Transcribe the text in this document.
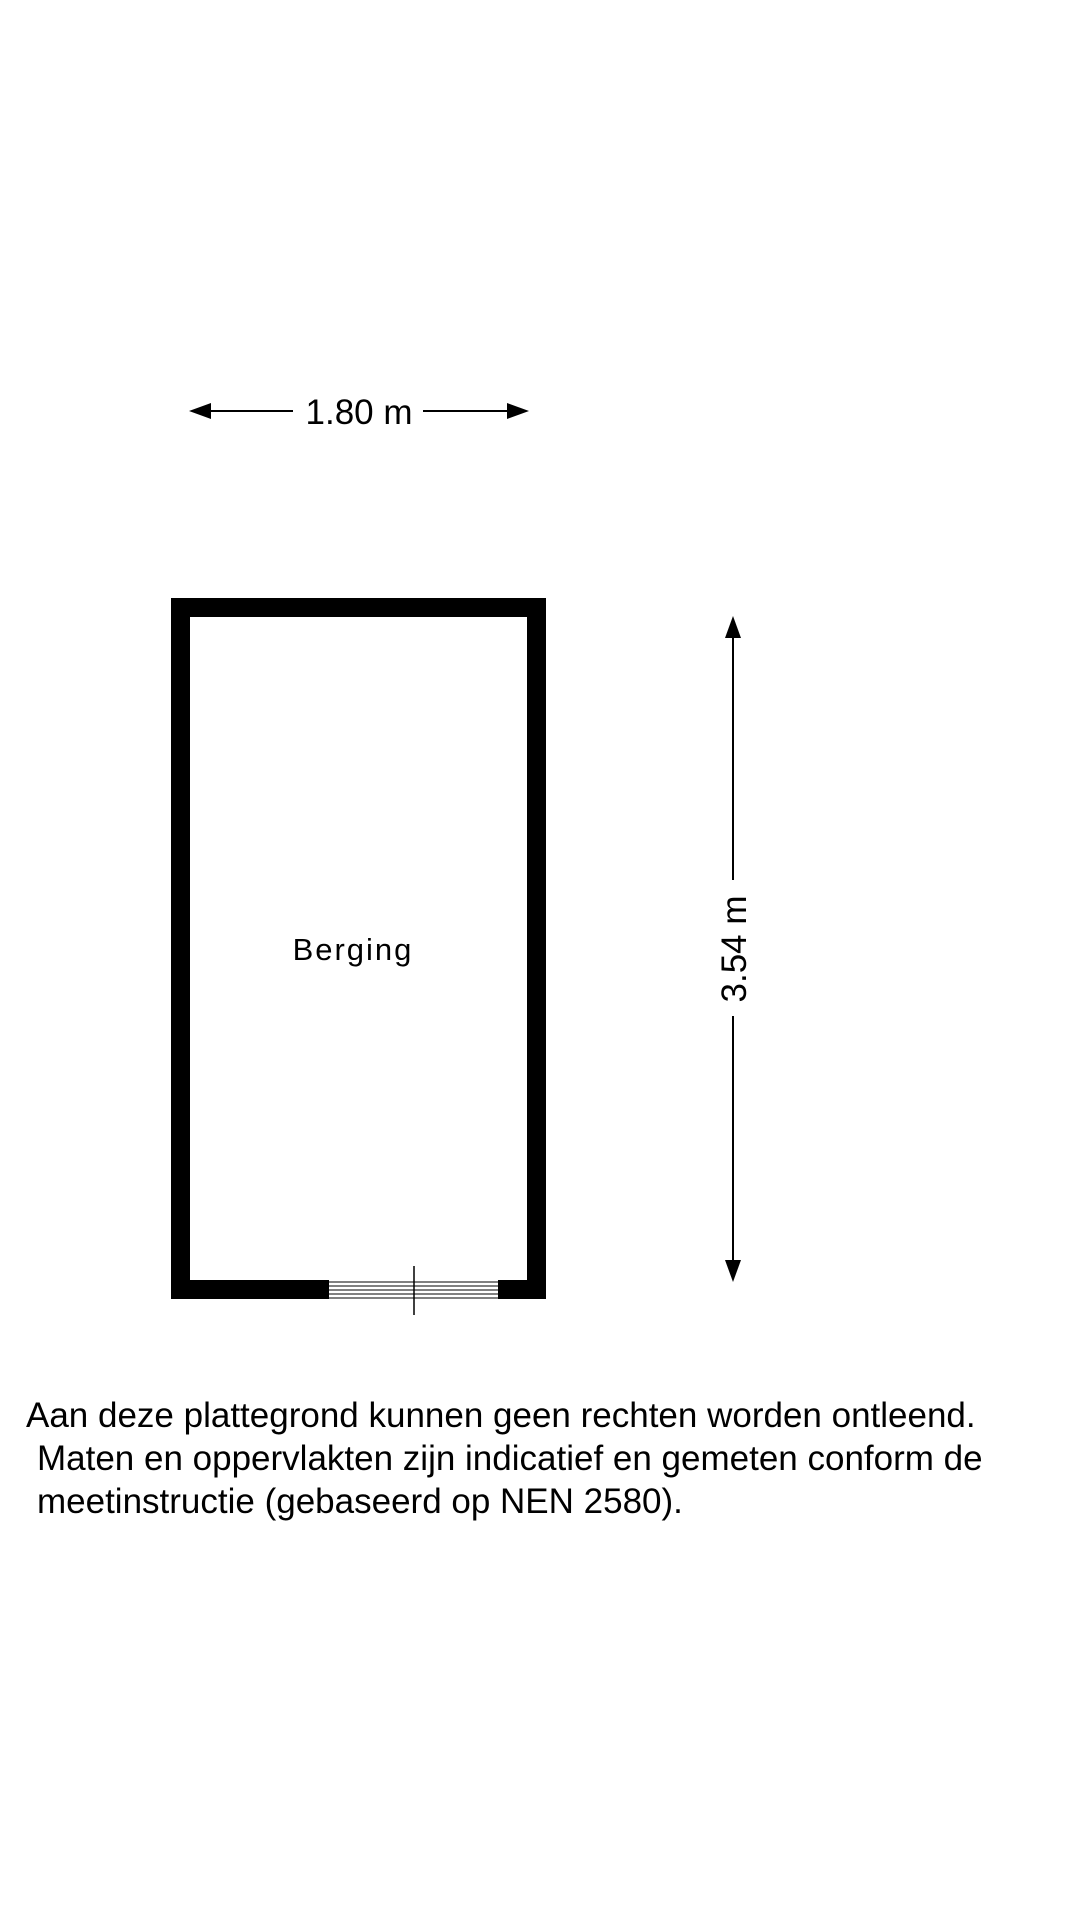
1.80 m
3.54 m
Berging
Aan deze plattegrond kunnen geen rechten worden ontleend.
Maten en oppervlakten zijn indicatief en gemeten conform de
meetinstructie (gebaseerd op NEN 2580).
